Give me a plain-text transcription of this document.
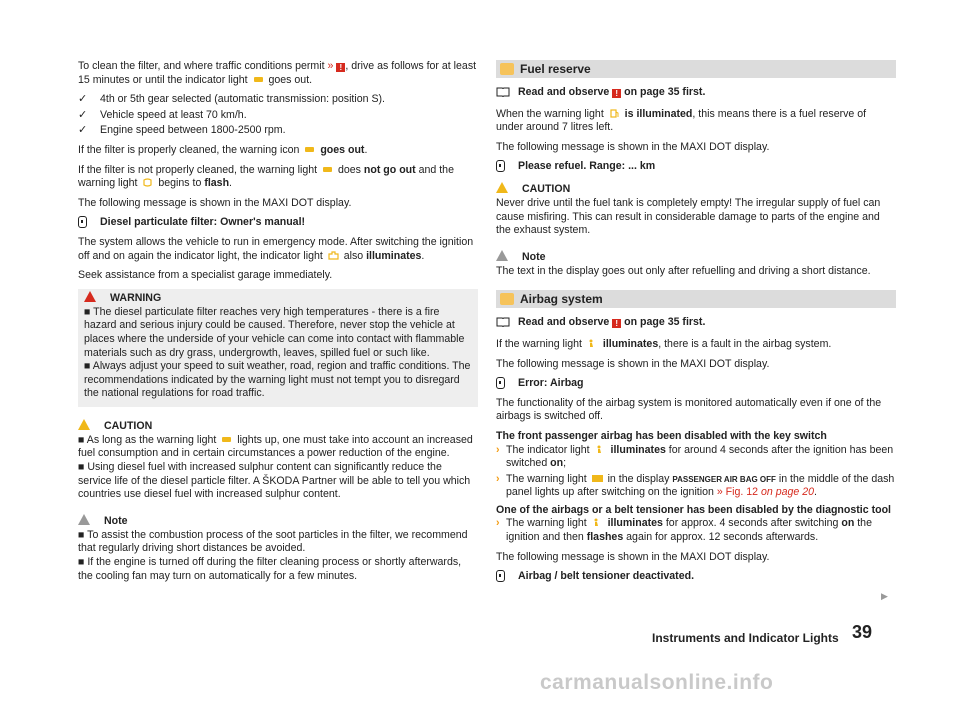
To clean the filter, and where traffic conditions permit » ! , drive as follows for at least 15 minutes or until the indicator light
goes out.

✓ 4th or 5th gear selected (automatic transmission: position S).
✓ Vehicle speed at least 70 km/h.
✓ Engine speed between 1800-2500 rpm.

If the filter is properly cleaned, the warning icon
goes out.

If the filter is not properly cleaned, the warning light
does not go out and the warning light
begins to flash.

The following message is shown in the MAXI DOT display.

Diesel particulate filter: Owner's manual!

The system allows the vehicle to run in emergency mode. After switching the ignition off and on again the indicator light, the indicator light
also illuminates.

Seek assistance from a specialist garage immediately.

WARNING
■ The diesel particulate filter reaches very high temperatures - there is a fire hazard and serious injury could be caused. Therefore, never stop the vehicle at places where the underside of your vehicle can come into contact with flammable materials such as dry grass, undergrowth, leaves, spilled fuel or such like.
■ Always adjust your speed to suit weather, road, region and traffic conditions. The recommendations indicated by the warning light must not tempt you to disregard the national regulations for road traffic.
CAUTION
■ As long as the warning light
lights up, one must take into account an increased fuel consumption and in certain circumstances a power reduction of the engine.
■ Using diesel fuel with increased sulphur content can significantly reduce the service life of the diesel particle filter. A ŠKODA Partner will be able to tell you which countries use diesel fuel with increased sulphur content.
Note
■ To assist the combustion process of the soot particles in the filter, we recommend that regularly driving short distances be avoided.
■ If the engine is turned off during the filter cleaning process or shortly afterwards, the cooling fan may turn on automatically for a few minutes.
Fuel reserve
Read and observe ! on page 35 first.

When the warning light
is illuminated, this means there is a fuel reserve of under around 7 litres left.

The following message is shown in the MAXI DOT display.

Please refuel. Range: ... km
CAUTION
Never drive until the fuel tank is completely empty! The irregular supply of fuel can cause misfiring. This can result in considerable damage to parts of the engine and the exhaust system.
Note
The text in the display goes out only after refuelling and driving a short distance.
Airbag system
Read and observe ! on page 35 first.

If the warning light
illuminates, there is a fault in the airbag system.

The following message is shown in the MAXI DOT display.

Error: Airbag

The functionality of the airbag system is monitored automatically even if one of the airbags is switched off.

The front passenger airbag has been disabled with the key switch
› The indicator light
illuminates for around 4 seconds after the ignition has been switched on;
› The warning light
in the display PASSENGER AIR BAG OFF in the middle of the dash panel lights up after switching on the ignition » Fig. 12 on page 20.
One of the airbags or a belt tensioner has been disabled by the diagnostic tool
› The warning light
illuminates for approx. 4 seconds after switching on the ignition and then flashes again for approx. 12 seconds afterwards.

The following message is shown in the MAXI DOT display.

Airbag / belt tensioner deactivated.
▶
Instruments and Indicator Lights 39
carmanualsonline.info
